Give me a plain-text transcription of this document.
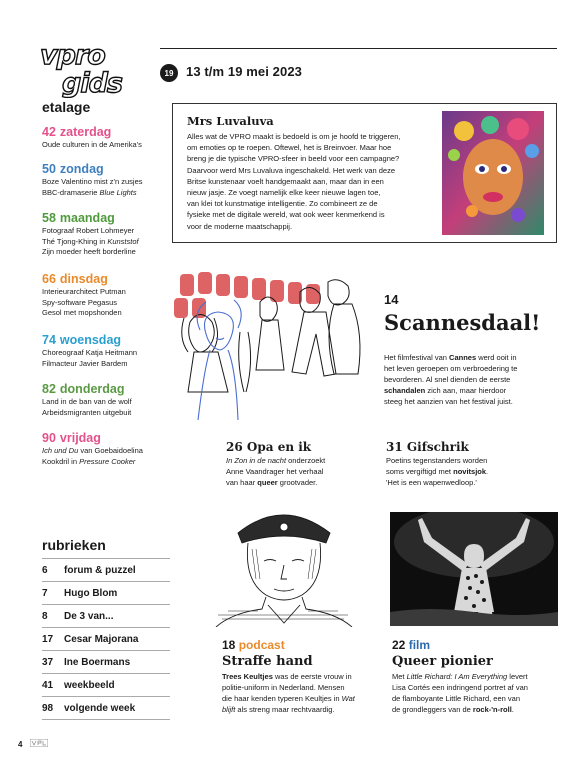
vpro
gids	19 13 t/m 19 mei 2023
etalage
42 zaterdag
Oude culturen in de Amerika's
50 zondag
Boze Valentino mist z'n zusjes
BBC-dramaserie Blue Lights
58 maandag
Fotograaf Robert Lohmeyer
Thé Tjong-Khing in Kunststof
Zijn moeder heeft borderline
66 dinsdag
Interieurarchitect Putman
Spy-software Pegasus
Gesol met mopshonden
74 woensdag
Choreograaf Katja Heitmann
Filmacteur Javier Bardem
82 donderdag
Land in de ban van de wolf
Arbeidsmigranten uitgebuit
90 vrijdag
Ich und Du van Goebaidoelina
Kookdril in Pressure Cooker
rubrieken
6	forum & puzzel
7	Hugo Blom
8	De 3 van...
17	Cesar Majorana
37	Ine Boermans
41	weekbeeld
98	volgende week
Mrs Luvaluva
Alles wat de VPRO maakt is bedoeld is om je hoofd te triggeren,
om emoties op te roepen. Oftewel, het is Breinvoer. Maar hoe
breng je die typische VPRO-sfeer in beeld voor een campagne?
Daarvoor werd Mrs Luvaluva ingeschakeld. Het werk van deze
Britse kunstenaar voelt handgemaakt aan, maar dan in een
nieuw jasje. Ze voegt namelijk elke keer nieuwe lagen toe,
van klei tot kunstmatige intelligentie. Zo combineert ze de
fysieke met de digitale wereld, wat ook weer kenmerkend is
voor de moderne maatschappij.
14
Scannesdaal!
Het filmfestival van Cannes werd ooit in
het leven geroepen om verbroedering te
bevorderen. Al snel dienden de eerste
schandalen zich aan, maar hierdoor
steeg het aanzien van het festival juist.
26 Opa en ik
In Zon in de nacht onderzoekt
Anne Vaandrager het verhaal
van haar queer grootvader.
31 Gifschrik
Poetins tegenstanders worden
soms vergiftigd met novitsjok.
'Het is een wapenwedloop.'
18 podcast
Straffe hand
Trees Keultjes was de eerste vrouw in
politie-uniform in Nederland. Mensen
die haar kenden typeren Keultjes in Wat
blijft als streng maar rechtvaardig.
22 film
Queer pionier
Met Little Richard: I Am Everything levert
Lisa Cortés een indringend portret af van
de flamboyante Little Richard, een van
de grondleggers van de rock-'n-roll.
4
